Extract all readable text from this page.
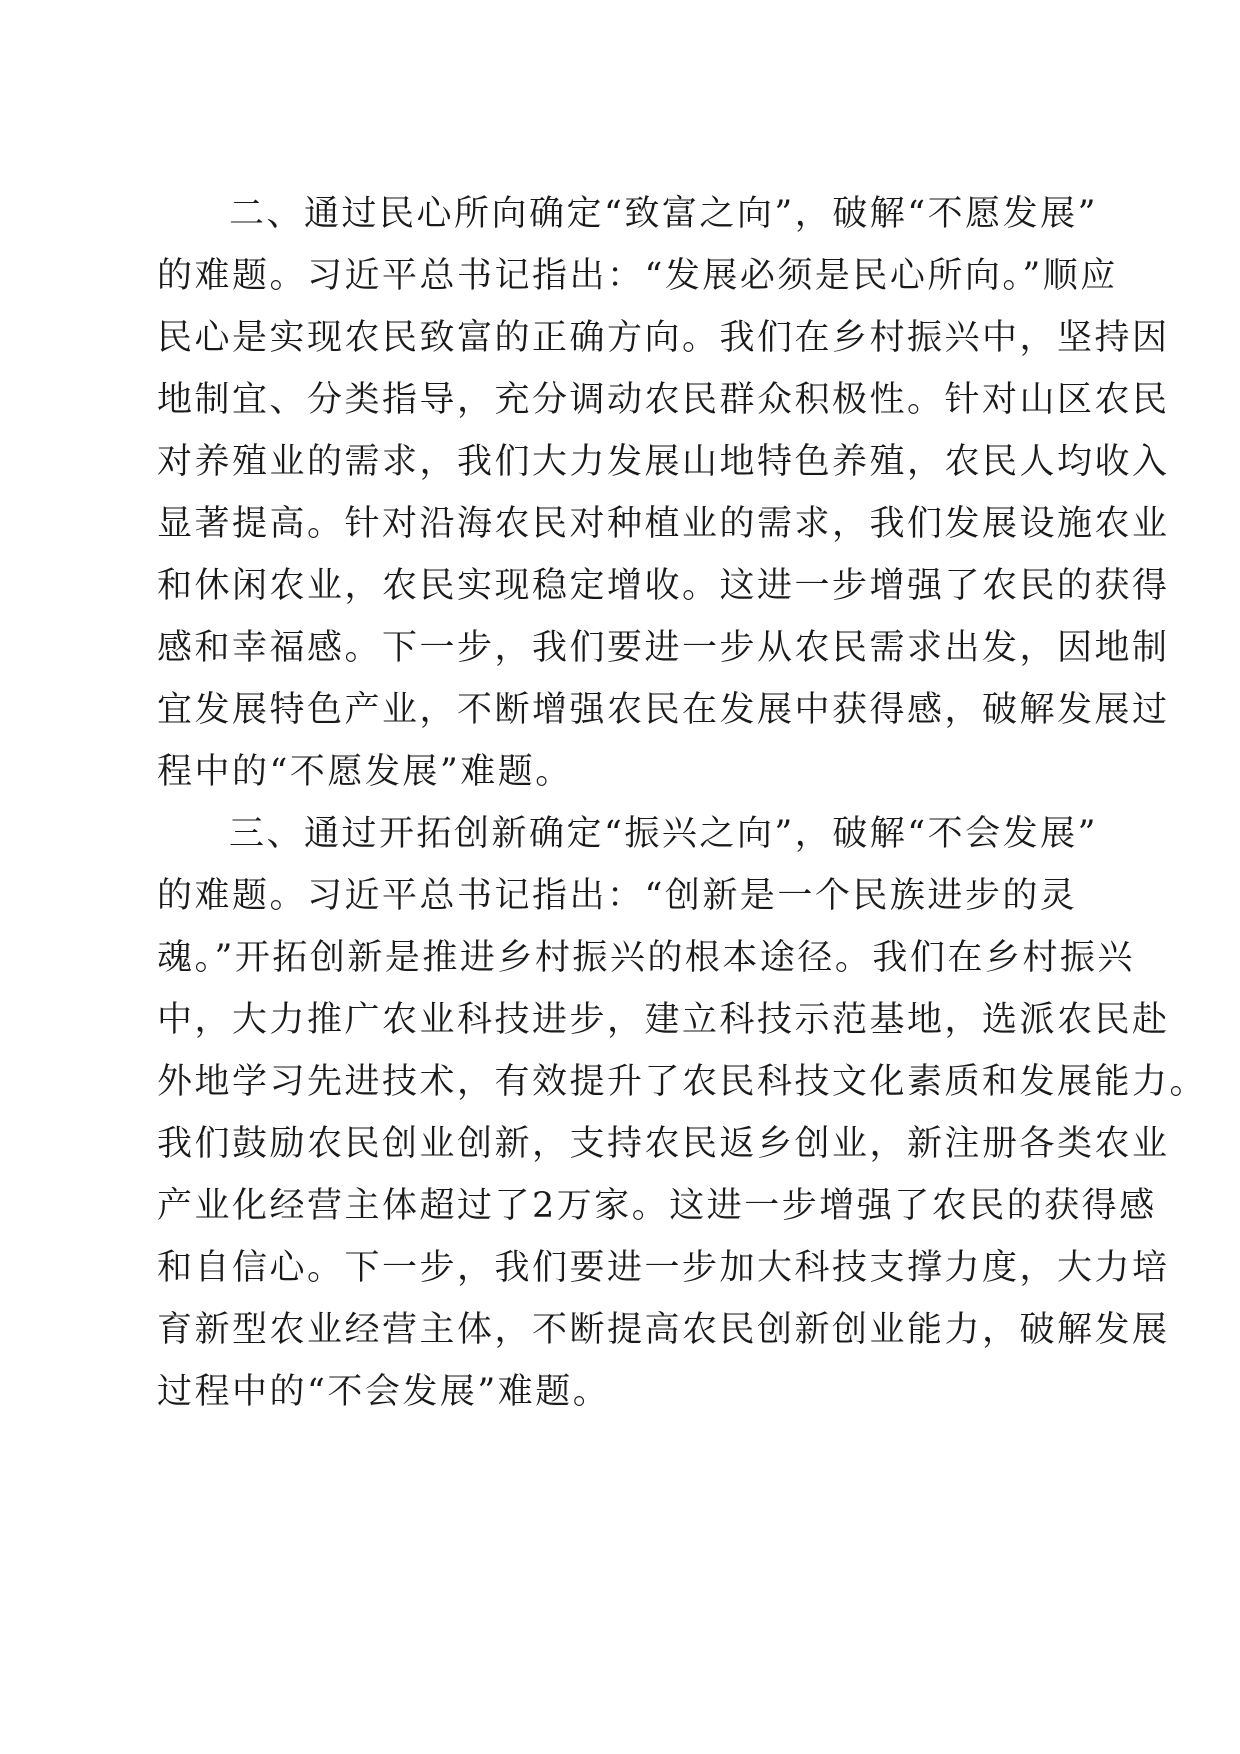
二、通过民心所向确定“致富之向”，破解“不愿发展”
的难题。习近平总书记指出：“发展必须是民心所向。”顺应
民心是实现农民致富的正确方向。我们在乡村振兴中，坚持因
地制宜、分类指导，充分调动农民群众积极性。针对山区农民
对养殖业的需求，我们大力发展山地特色养殖，农民人均收入
显著提高。针对沿海农民对种植业的需求，我们发展设施农业
和休闲农业，农民实现稳定增收。这进一步增强了农民的获得
感和幸福感。下一步，我们要进一步从农民需求出发，因地制
宜发展特色产业，不断增强农民在发展中获得感，破解发展过
程中的“不愿发展”难题。

三、通过开拓创新确定“振兴之向”，破解“不会发展”
的难题。习近平总书记指出：“创新是一个民族进步的灵
魂。”开拓创新是推进乡村振兴的根本途径。我们在乡村振兴
中，大力推广农业科技进步，建立科技示范基地，选派农民赴
外地学习先进技术，有效提升了农民科技文化素质和发展能力。
我们鼓励农民创业创新，支持农民返乡创业，新注册各类农业
产业化经营主体超过了2万家。这进一步增强了农民的获得感
和自信心。下一步，我们要进一步加大科技支撑力度，大力培
育新型农业经营主体，不断提高农民创新创业能力，破解发展
过程中的“不会发展”难题。
